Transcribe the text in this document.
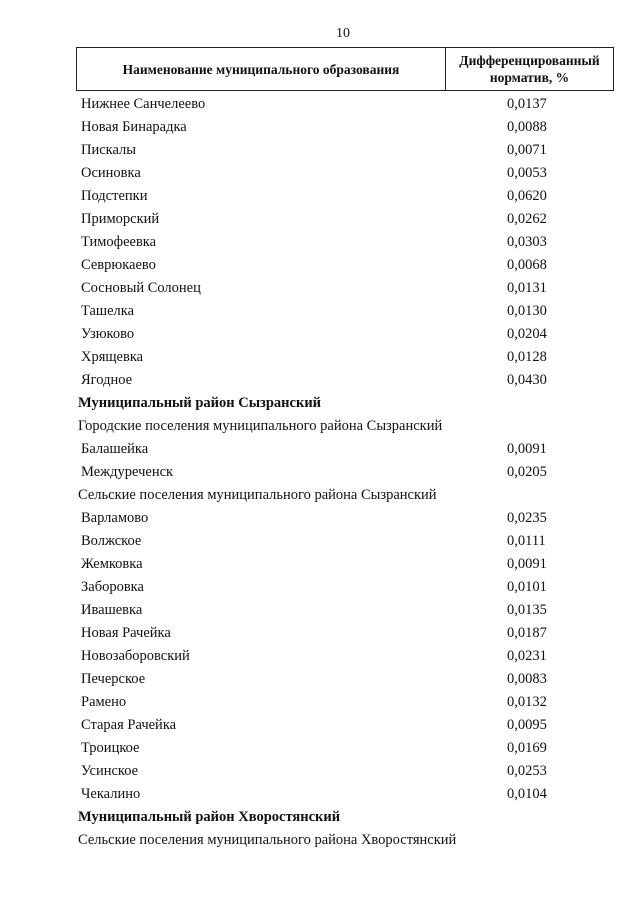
10
Наименование муниципального образования
Дифференцированный
норматив, %
Нижнее Санчелеево	0,0137
Новая Бинарадка	0,0088
Пискалы	0,0071
Осиновка	0,0053
Подстепки	0,0620
Приморский	0,0262
Тимофеевка	0,0303
Севрюкаево	0,0068
Сосновый Солонец	0,0131
Ташелка	0,0130
Узюково	0,0204
Хрящевка	0,0128
Ягодное	0,0430
Муниципальный район Сызранский
Городские поселения муниципального района Сызранский
Балашейка	0,0091
Междуреченск	0,0205
Сельские поселения муниципального района Сызранский
Варламово	0,0235
Волжское	0,0111
Жемковка	0,0091
Заборовка	0,0101
Ивашевка	0,0135
Новая Рачейка	0,0187
Новозаборовский	0,0231
Печерское	0,0083
Рамено	0,0132
Старая Рачейка	0,0095
Троицкое	0,0169
Усинское	0,0253
Чекалино	0,0104
Муниципальный район Хворостянский
Сельские поселения муниципального района Хворостянский
